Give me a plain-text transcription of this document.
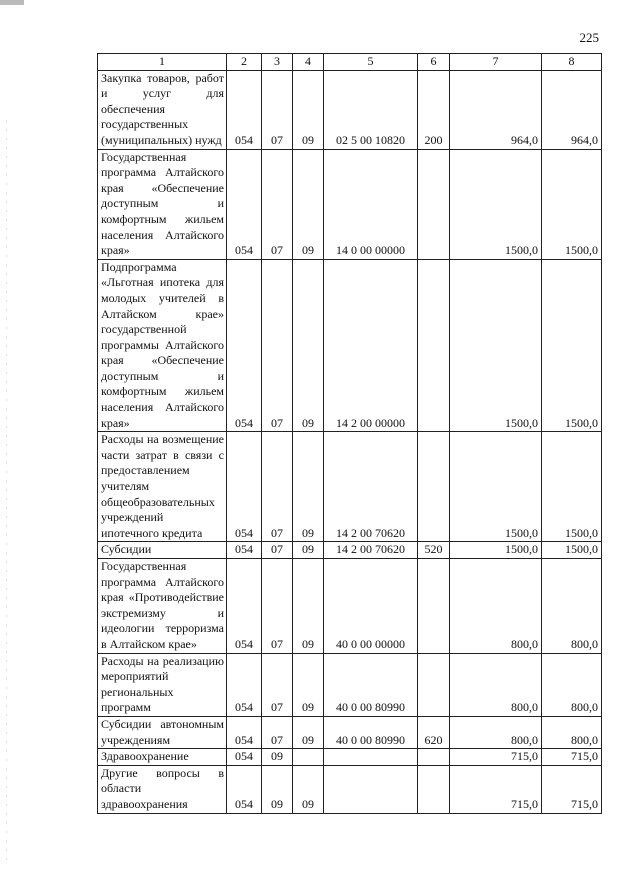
225
1	2	3	4	5	6	7	8
Закупка товаров, работ и услуг для обеспечения государственных (муниципальных) нужд	054	07	09	02 5 00 10820	200	964,0	964,0
Государственная программа Алтайского края «Обеспечение доступным и комфортным жильем населения Алтайского края»	054	07	09	14 0 00 00000		1500,0	1500,0
Подпрограмма «Льготная ипотека для молодых учителей в Алтайском крае» государственной программы Алтайского края «Обеспечение доступным и комфортным жильем населения Алтайского края»	054	07	09	14 2 00 00000		1500,0	1500,0
Расходы на возмещение части затрат в связи с предоставлением учителям общеобразовательных учреждений ипотечного кредита	054	07	09	14 2 00 70620		1500,0	1500,0
Субсидии	054	07	09	14 2 00 70620	520	1500,0	1500,0
Государственная программа Алтайского края «Противодействие экстремизму и идеологии терроризма в Алтайском крае»	054	07	09	40 0 00 00000		800,0	800,0
Расходы на реализацию мероприятий региональных программ	054	07	09	40 0 00 80990		800,0	800,0
Субсидии автономным учреждениям	054	07	09	40 0 00 80990	620	800,0	800,0
Здравоохранение	054	09				715,0	715,0
Другие вопросы в области здравоохранения	054	09	09			715,0	715,0
